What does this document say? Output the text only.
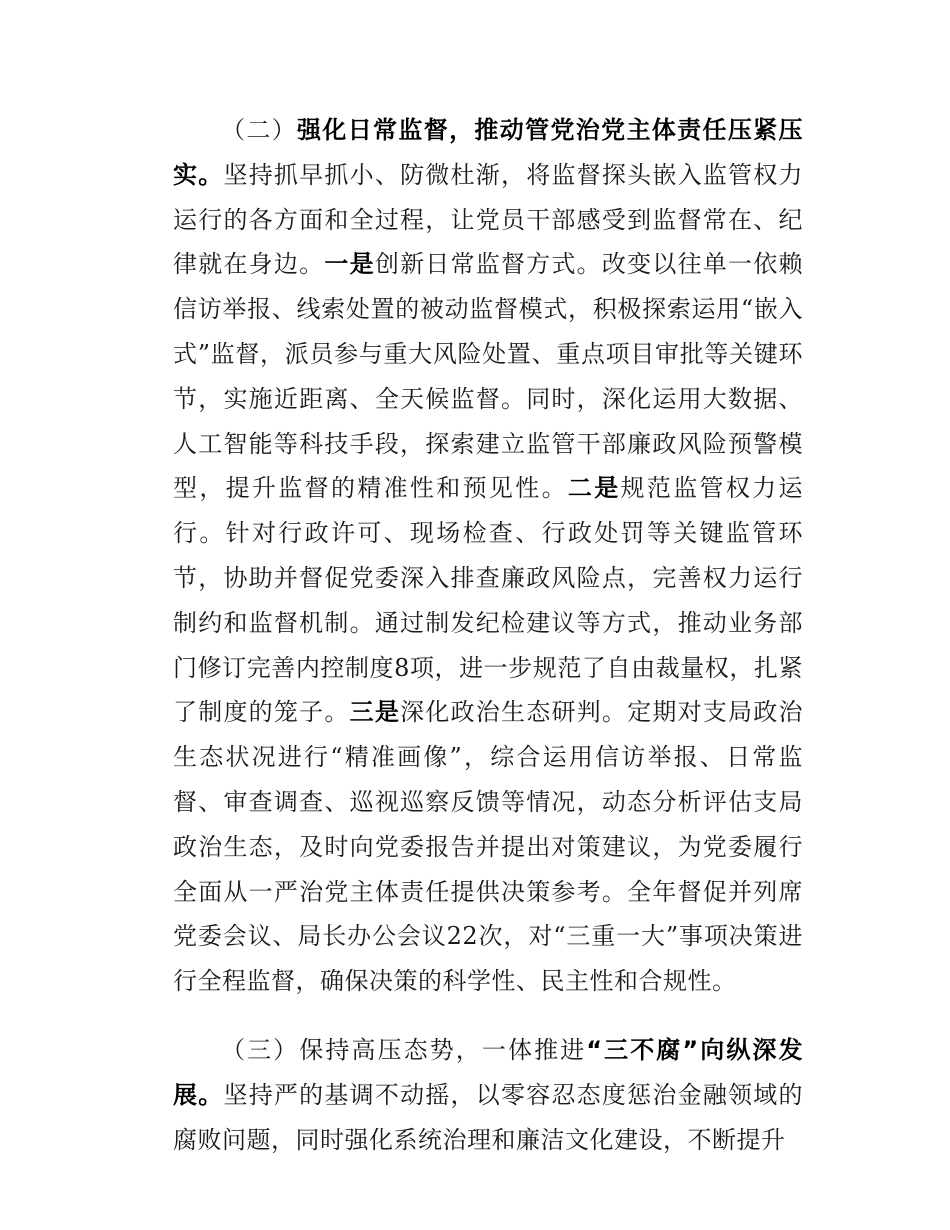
（二）强化日常监督，推动管党治党主体责任压紧压实。坚持抓早抓小、防微杜渐，将监督探头嵌入监管权力运行的各方面和全过程，让党员干部感受到监督常在、纪律就在身边。一是创新日常监督方式。改变以往单一依赖信访举报、线索处置的被动监督模式，积极探索运用“嵌入式”监督，派员参与重大风险处置、重点项目审批等关键环节，实施近距离、全天候监督。同时，深化运用大数据、人工智能等科技手段，探索建立监管干部廉政风险预警模型，提升监督的精准性和预见性。二是规范监管权力运行。针对行政许可、现场检查、行政处罚等关键监管环节，协助并督促党委深入排查廉政风险点，完善权力运行制约和监督机制。通过制发纪检建议等方式，推动业务部门修订完善内控制度8项，进一步规范了自由裁量权，扎紧了制度的笼子。三是深化政治生态研判。定期对支局政治生态状况进行“精准画像”，综合运用信访举报、日常监督、审查调查、巡视巡察反馈等情况，动态分析评估支局政治生态，及时向党委报告并提出对策建议，为党委履行全面从一严治党主体责任提供决策参考。全年督促并列席党委会议、局长办公会议22次，对“三重一大”事项决策进行全程监督，确保决策的科学性、民主性和合规性。

（三）保持高压态势，一体推进“三不腐”向纵深发展。坚持严的基调不动摇，以零容忍态度惩治金融领域的腐败问题，同时强化系统治理和廉洁文化建设，不断提升
